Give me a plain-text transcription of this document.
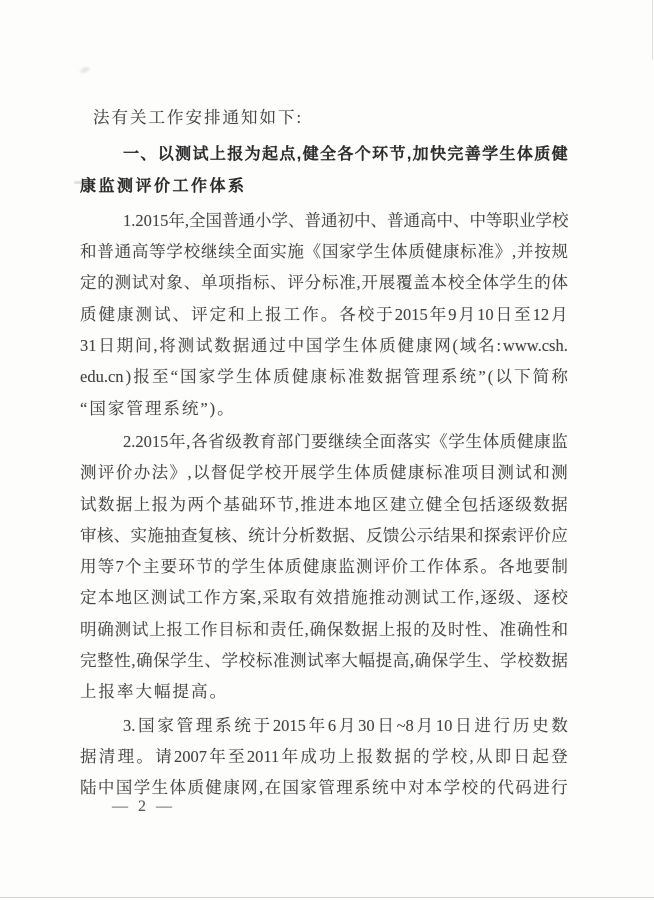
法有关工作安排通知如下:
一 、 以 测 试 上 报 为 起 点 , 健 全 各 个 环 节 , 加 快 完 善 学 生 体 质 健
康监测评价工作体系
1.2015 年 , 全 国 普 通 小 学 、 普 通 初 中 、 普 通 高 中 、 中 等 职 业 学 校
和 普 通 高 等 学 校 继 续 全 面 实 施 《 国 家 学 生 体 质 健 康 标 准 》 , 并 按 规
定 的 测 试 对 象 、 单 项 指 标 、 评 分 标 准 , 开 展 覆 盖 本 校 全 体 学 生 的 体
质 健 康 测 试 、 评 定 和 上 报 工 作 。 各 校 于 2015 年 9 月 10 日 至 12 月
31 日 期 间 , 将 测 试 数 据 通 过 中 国 学 生 体 质 健 康 网 ( 域 名 : www.csh.
edu.cn ) 报 至 “ 国 家 学 生 体 质 健 康 标 准 数 据 管 理 系 统 ” ( 以 下 简 称
“国家管理系统”)。
2.2015 年 , 各 省 级 教 育 部 门 要 继 续 全 面 落 实 《 学 生 体 质 健 康 监
测 评 价 办 法 》 , 以 督 促 学 校 开 展 学 生 体 质 健 康 标 准 项 目 测 试 和 测
试 数 据 上 报 为 两 个 基 础 环 节 , 推 进 本 地 区 建 立 健 全 包 括 逐 级 数 据
审 核 、 实 施 抽 查 复 核 、 统 计 分 析 数 据 、 反 馈 公 示 结 果 和 探 索 评 价 应
用 等 7 个 主 要 环 节 的 学 生 体 质 健 康 监 测 评 价 工 作 体 系 。 各 地 要 制
定 本 地 区 测 试 工 作 方 案 , 采 取 有 效 措 施 推 动 测 试 工 作 , 逐 级 、 逐 校
明 确 测 试 上 报 工 作 目 标 和 责 任 , 确 保 数 据 上 报 的 及 时 性 、 准 确 性 和
完 整 性 , 确 保 学 生 、 学 校 标 准 测 试 率 大 幅 提 高 , 确 保 学 生 、 学 校 数 据
上报率大幅提高。
3. 国 家 管 理 系 统 于 2015 年 6 月 30 日 ~8 月 10 日 进 行 历 史 数
据 清 理 。 请 2007 年 至 2011 年 成 功 上 报 数 据 的 学 校 , 从 即 日 起 登
陆 中 国 学 生 体 质 健 康 网 , 在 国 家 管 理 系 统 中 对 本 学 校 的 代 码 进 行
— 2 —
